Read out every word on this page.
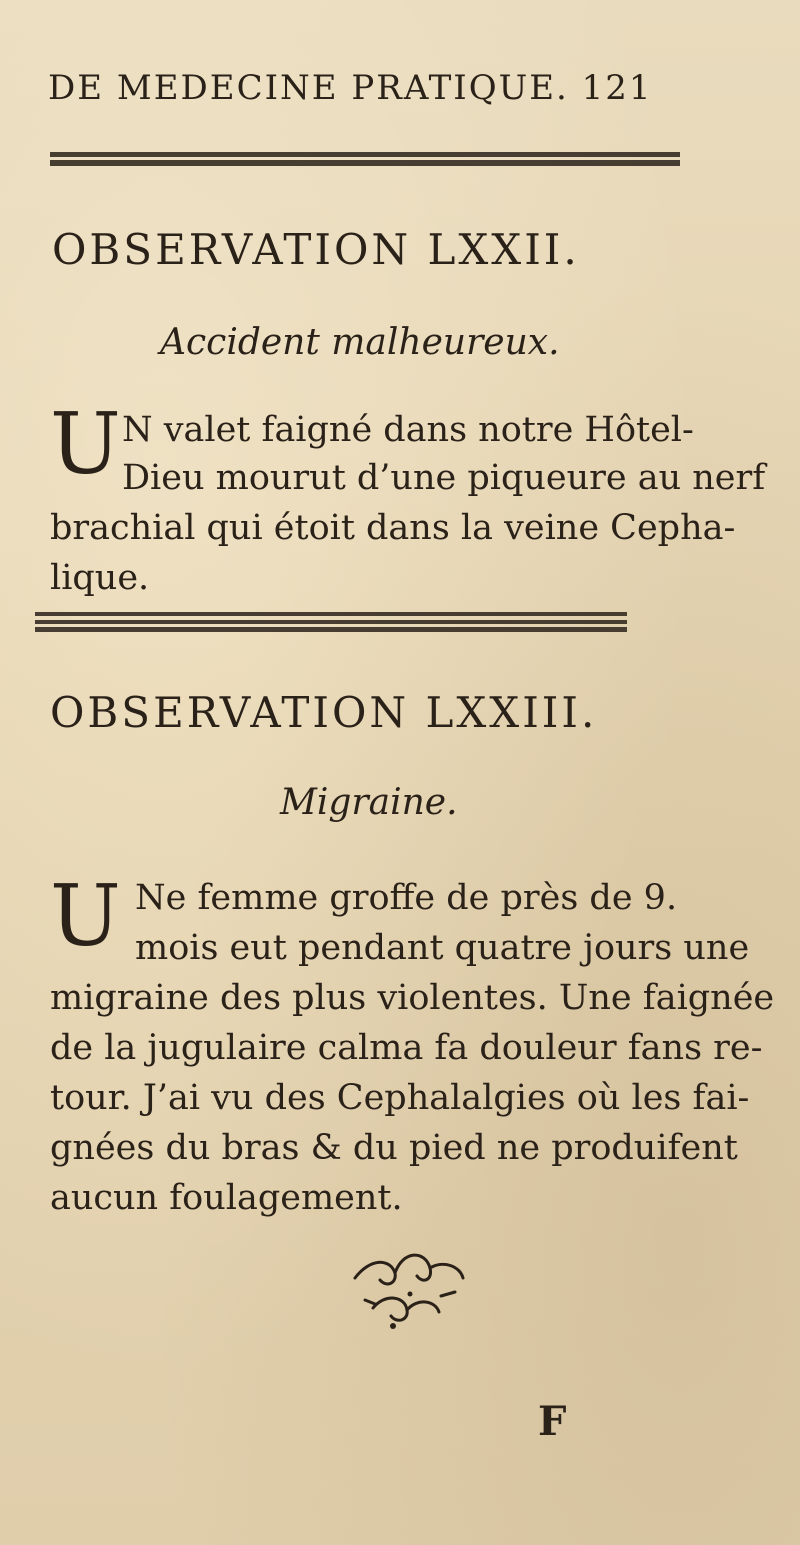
DE MEDECINE PRATIQUE. 121
OBSERVATION LXXII.
Accident malheureux.
U N valet faigné dans notre Hôtel-
Dieu mourut d’une piqueure au nerf
brachial qui étoit dans la veine Cepha-
lique.
OBSERVATION LXXIII.
Migraine.
U Ne femme groffe de près de 9.
mois eut pendant quatre jours une
migraine des plus violentes. Une faignée
de la jugulaire calma fa douleur fans re-
tour. J’ai vu des Cephalalgies où les fai-
gnées du bras & du pied ne produifent
aucun foulagement.
F
